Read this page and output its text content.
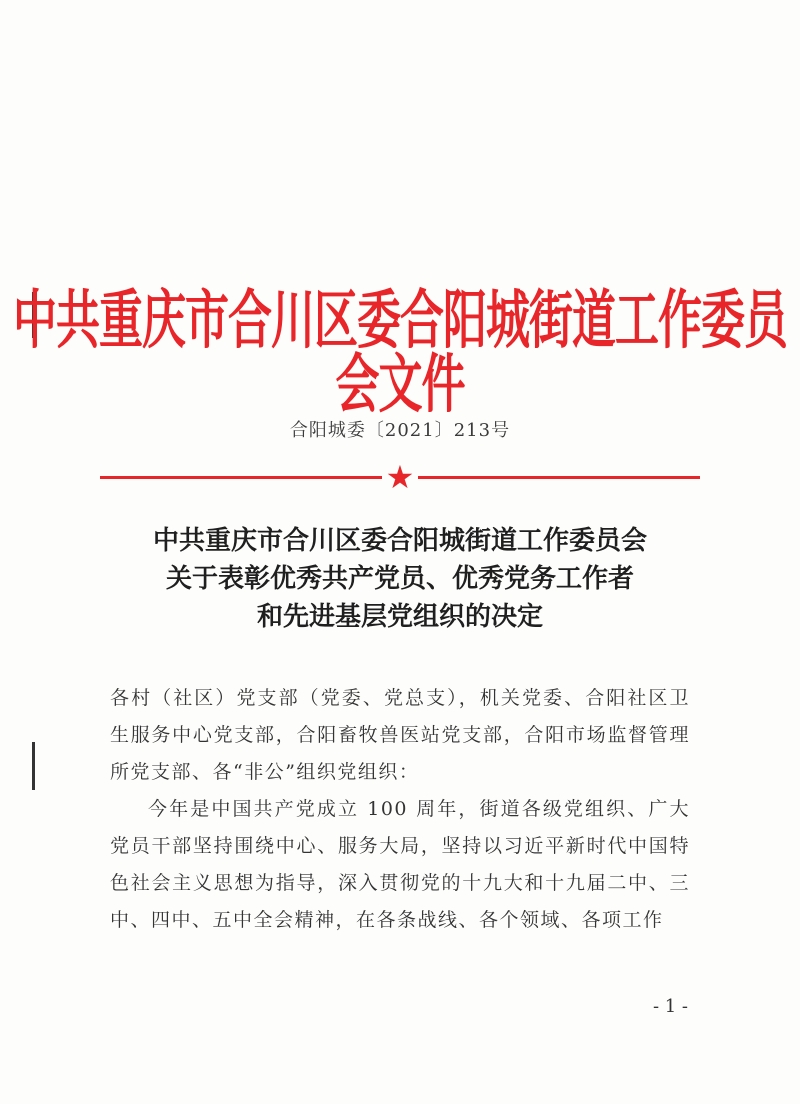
中共重庆市合川区委合阳城街道工作委员会文件
合阳城委〔2021〕213号
★
中共重庆市合川区委合阳城街道工作委员会
关于表彰优秀共产党员、优秀党务工作者
和先进基层党组织的决定

各村（社区）党支部（党委、党总支），机关党委、合阳社区卫生服务中心党支部，合阳畜牧兽医站党支部，合阳市场监督管理所党支部、各“非公”组织党组织：

今年是中国共产党成立 100 周年，街道各级党组织、广大党员干部坚持围绕中心、服务大局，坚持以习近平新时代中国特色社会主义思想为指导，深入贯彻党的十九大和十九届二中、三中、四中、五中全会精神，在各条战线、各个领域、各项工作

- 1 -
